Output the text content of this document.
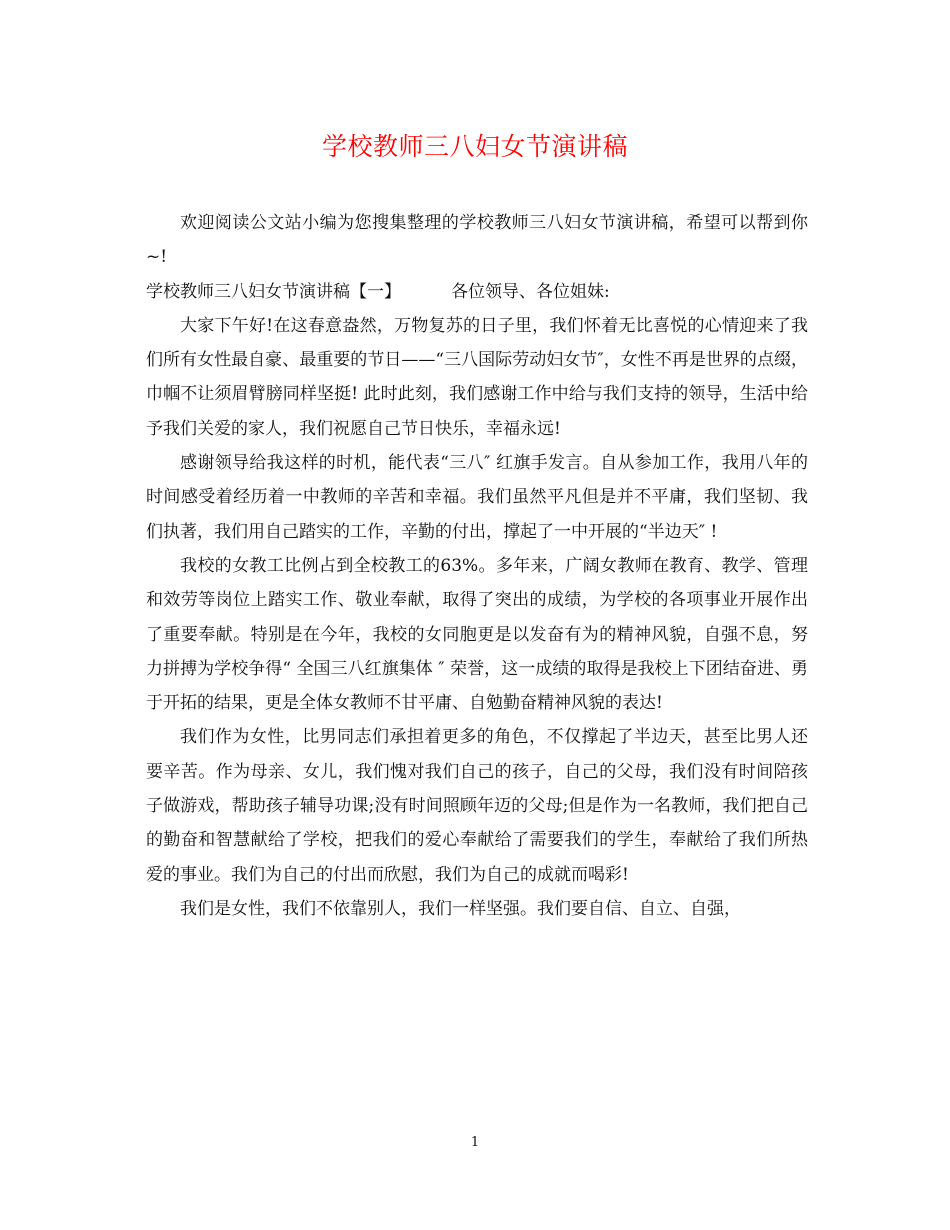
学校教师三八妇女节演讲稿

欢迎阅读公文站小编为您搜集整理的学校教师三八妇女节演讲稿，希望可以帮到你~!

学校教师三八妇女节演讲稿【一】	各位领导、各位姐妹:

大家下午好!在这春意盎然，万物复苏的日子里，我们怀着无比喜悦的心情迎来了我们所有女性最自豪、最重要的节日——“三八国际劳动妇女节″，女性不再是世界的点缀，巾帼不让须眉臂膀同样坚挺! 此时此刻，我们感谢工作中给与我们支持的领导，生活中给予我们关爱的家人，我们祝愿自己节日快乐，幸福永远!

感谢领导给我这样的时机，能代表“三八″ 红旗手发言。自从参加工作，我用八年的时间感受着经历着一中教师的辛苦和幸福。我们虽然平凡但是并不平庸，我们坚韧、我们执著，我们用自己踏实的工作，辛勤的付出，撑起了一中开展的“半边天″ !

我校的女教工比例占到全校教工的63%。多年来，广阔女教师在教育、教学、管理和效劳等岗位上踏实工作、敬业奉献，取得了突出的成绩，为学校的各项事业开展作出了重要奉献。特别是在今年，我校的女同胞更是以发奋有为的精神风貌，自强不息，努力拼搏为学校争得“ 全国三八红旗集体 ″ 荣誉，这一成绩的取得是我校上下团结奋进、勇于开拓的结果，更是全体女教师不甘平庸、自勉勤奋精神风貌的表达!

我们作为女性，比男同志们承担着更多的角色，不仅撑起了半边天，甚至比男人还要辛苦。作为母亲、女儿，我们愧对我们自己的孩子，自己的父母，我们没有时间陪孩子做游戏，帮助孩子辅导功课;没有时间照顾年迈的父母;但是作为一名教师，我们把自己的勤奋和智慧献给了学校，把我们的爱心奉献给了需要我们的学生，奉献给了我们所热爱的事业。我们为自己的付出而欣慰，我们为自己的成就而喝彩!

我们是女性，我们不依靠别人，我们一样坚强。我们要自信、自立、自强，

1
